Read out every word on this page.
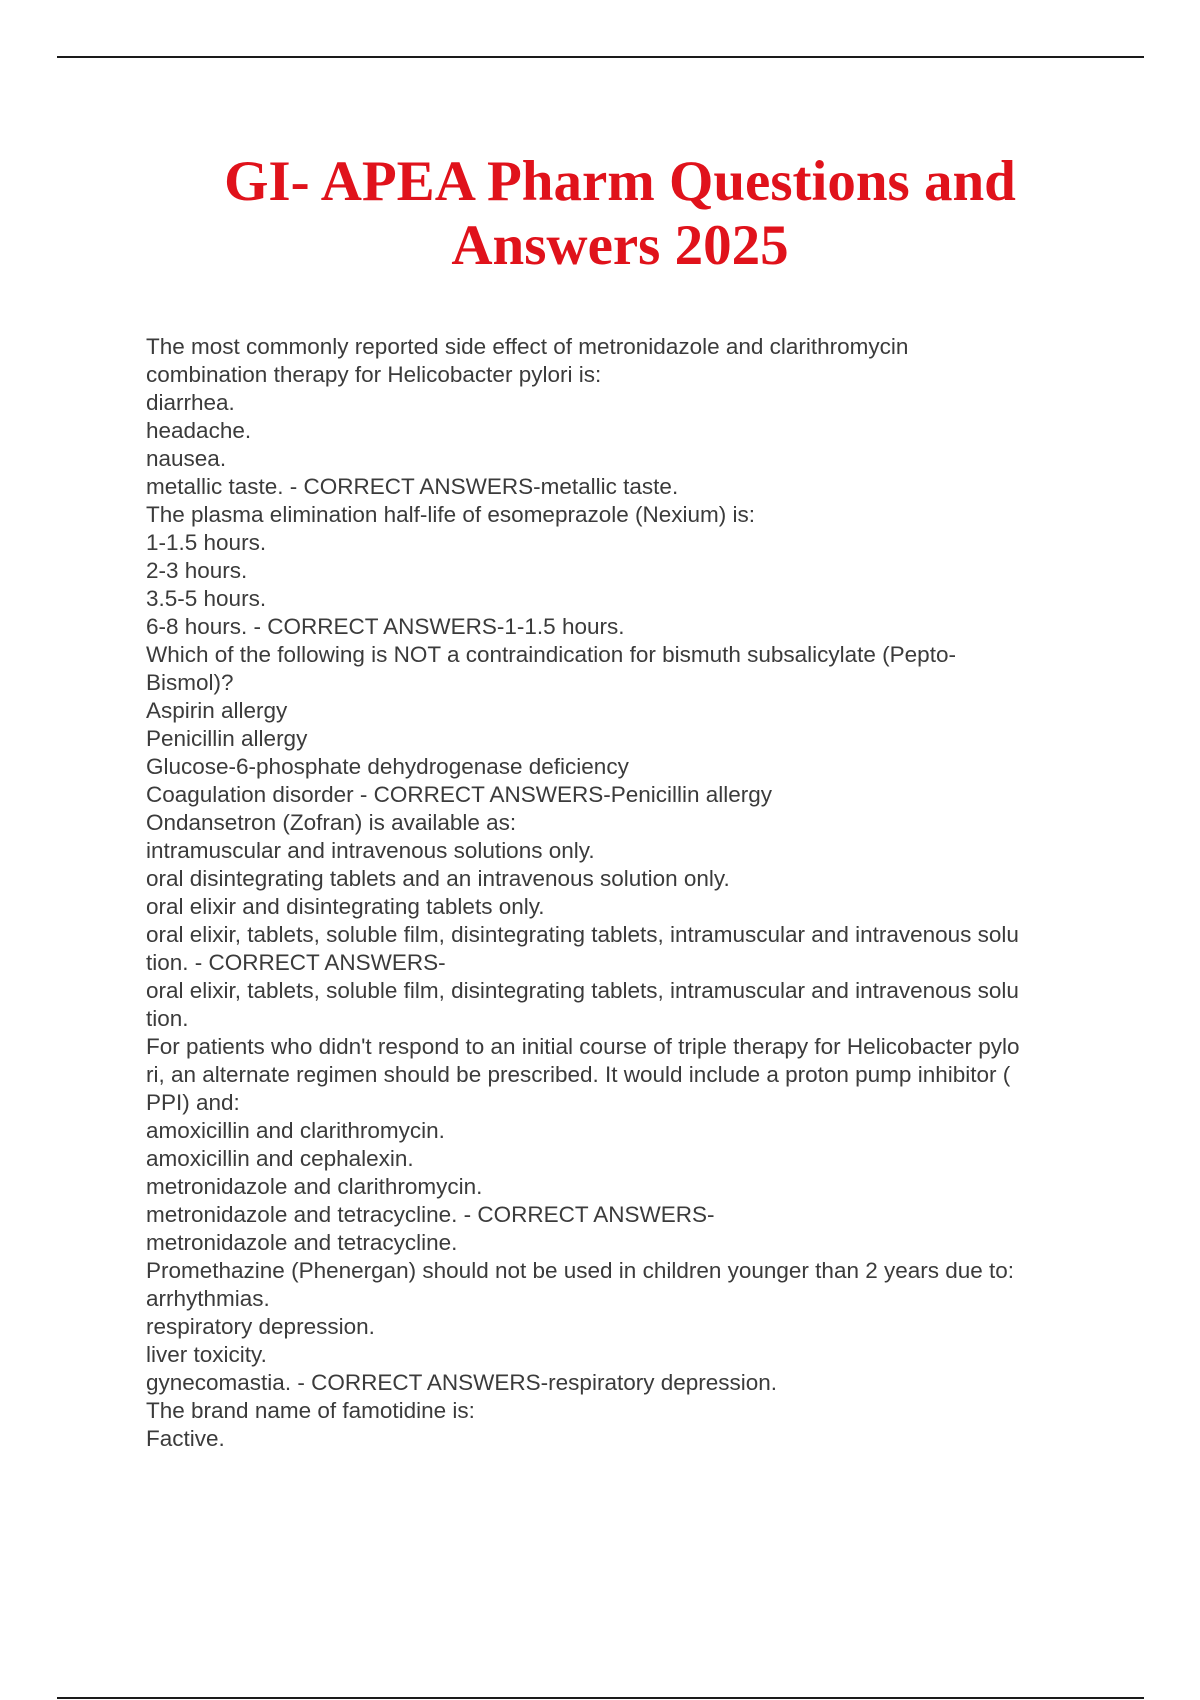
GI- APEA Pharm Questions and
Answers 2025
The most commonly reported side effect of metronidazole and clarithromycin
combination therapy for Helicobacter pylori is:
diarrhea.
headache.
nausea.
metallic taste. - CORRECT ANSWERS-metallic taste.
The plasma elimination half-life of esomeprazole (Nexium) is:
1-1.5 hours.
2-3 hours.
3.5-5 hours.
6-8 hours. - CORRECT ANSWERS-1-1.5 hours.
Which of the following is NOT a contraindication for bismuth subsalicylate (Pepto-
Bismol)?
Aspirin allergy
Penicillin allergy
Glucose-6-phosphate dehydrogenase deficiency
Coagulation disorder - CORRECT ANSWERS-Penicillin allergy
Ondansetron (Zofran) is available as:
intramuscular and intravenous solutions only.
oral disintegrating tablets and an intravenous solution only.
oral elixir and disintegrating tablets only.
oral elixir, tablets, soluble film, disintegrating tablets, intramuscular and intravenous solu
tion. - CORRECT ANSWERS-
oral elixir, tablets, soluble film, disintegrating tablets, intramuscular and intravenous solu
tion.
For patients who didn't respond to an initial course of triple therapy for Helicobacter pylo
ri, an alternate regimen should be prescribed. It would include a proton pump inhibitor (
PPI) and:
amoxicillin and clarithromycin.
amoxicillin and cephalexin.
metronidazole and clarithromycin.
metronidazole and tetracycline. - CORRECT ANSWERS-
metronidazole and tetracycline.
Promethazine (Phenergan) should not be used in children younger than 2 years due to:
arrhythmias.
respiratory depression.
liver toxicity.
gynecomastia. - CORRECT ANSWERS-respiratory depression.
The brand name of famotidine is:
Factive.
